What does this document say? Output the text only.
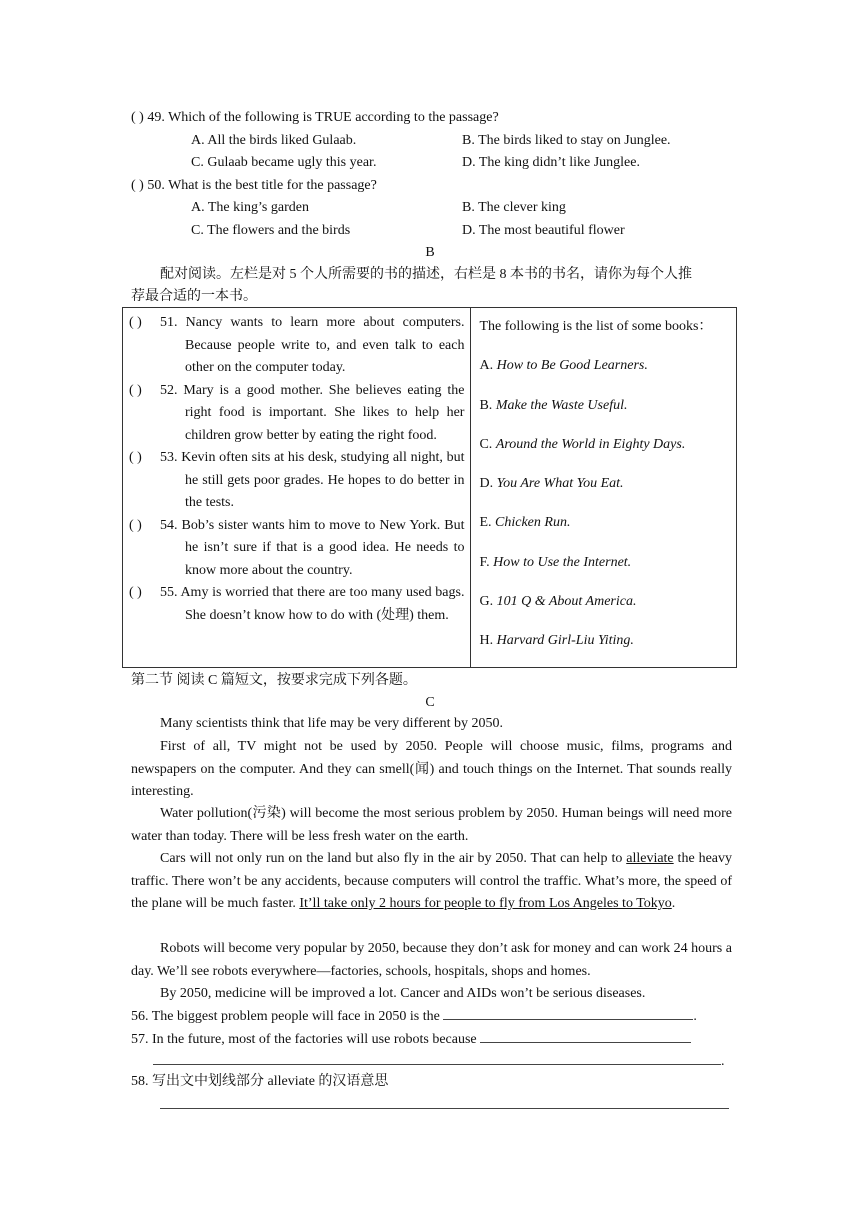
( ) 49. Which of the following is TRUE according to the passage?
A. All the birds liked Gulaab.	B. The birds liked to stay on Junglee.
C. Gulaab became ugly this year.	D. The king didn’t like Junglee.
( ) 50. What is the best title for the passage?
A. The king’s garden	B. The clever king
C. The flowers and the birds	D. The most beautiful flower
B
配对阅读。左栏是对 5 个人所需要的书的描述，右栏是 8 本书的书名，请你为每个人推
荐最合适的一本书。
( ) 51. Nancy wants to learn more about computers. Because people write to, and even talk to each other on the computer today.
( ) 52. Mary is a good mother. She believes eating the right food is important. She likes to help her children grow better by eating the right food.
( ) 53. Kevin often sits at his desk, studying all night, but he still gets poor grades. He hopes to do better in the tests.
( ) 54. Bob’s sister wants him to move to New York. But he isn’t sure if that is a good idea. He needs to know more about the country.
( ) 55. Amy is worried that there are too many used bags. She doesn’t know how to do with (处理) them.

The following is the list of some books：
A. How to Be Good Learners.
B. Make the Waste Useful.
C. Around the World in Eighty Days.
D. You Are What You Eat.
E. Chicken Run.
F. How to Use the Internet.
G. 101 Q & About America.
H. Harvard Girl-Liu Yiting.
第二节 阅读 C 篇短文，按要求完成下列各题。
C
Many scientists think that life may be very different by 2050.
First of all, TV might not be used by 2050. People will choose music, films, programs and newspapers on the computer. And they can smell(闻) and touch things on the Internet. That sounds really interesting.
Water pollution(污染) will become the most serious problem by 2050. Human beings will need more water than today. There will be less fresh water on the earth.
Cars will not only run on the land but also fly in the air by 2050. That can help to alleviate the heavy traffic. There won’t be any accidents, because computers will control the traffic. What’s more, the speed of the plane will be much faster. It’ll take only 2 hours for people to fly from Los Angeles to Tokyo.
Robots will become very popular by 2050, because they don’t ask for money and can work 24 hours a day. We’ll see robots everywhere—factories, schools, hospitals, shops and homes.
By 2050, medicine will be improved a lot. Cancer and AIDs won’t be serious diseases.
56. The biggest problem people will face in 2050 is the	.
57. In the future, most of the factories will use robots because
.
58. 写出文中划线部分 alleviate 的汉语意思
